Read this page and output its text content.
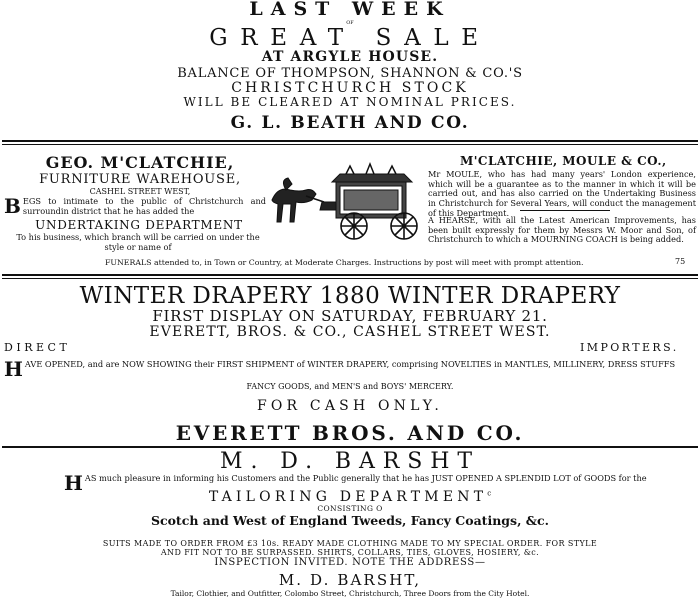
LAST WEEK
OF
GREAT SALE
AT ARGYLE HOUSE.
BALANCE OF THOMPSON, SHANNON & CO.'S
CHRISTCHURCH STOCK
WILL BE CLEARED AT NOMINAL PRICES.
G. L. BEATH AND CO.
GEO. M'CLATCHIE,
FURNITURE WAREHOUSE,
CASHEL STREET WEST,
BEGS to intimate to the public of Christchurch and surroundin district that he has added the
UNDERTAKING DEPARTMENT
To his business, which branch will be carried on under the style or name of
M'CLATCHIE, MOULE & CO.,
Mr MOULE, who has had many years' London experience, which will be a guarantee as to the manner in which it will be carried out, and has also carried on the Undertaking Business in Christchurch for Several Years, will conduct the management of this Department.
A HEARSE, with all the Latest American Improvements, has been built expressly for them by Messrs W. Moor and Son, of Christchurch to which a MOURNING COACH is being added.
FUNERALS attended to, in Town or Country, at Moderate Charges. Instructions by post will meet with prompt attention.	75
WINTER DRAPERY 1880 WINTER DRAPERY
FIRST DISPLAY ON SATURDAY, FEBRUARY 21.
EVERETT, BROS. & CO., CASHEL STREET WEST.
DIRECT	IMPORTERS.
HAVE OPENED, and are NOW SHOWING their FIRST SHIPMENT of WINTER DRAPERY, comprising NOVELTIES in MANTLES, MILLINERY, DRESS STUFFS
FANCY GOODS, and MEN'S and BOYS' MERCERY.
FOR CASH ONLY.
EVERETT BROS. AND CO.
M. D. BARSHT
HAS much pleasure in informing his Customers and the Public generally that he has JUST OPENED A SPLENDID LOT of GOODS for the
TAILORING DEPARTMENT$^c$
CONSISTING O
Scotch and West of England Tweeds, Fancy Coatings, &c.
SUITS MADE TO ORDER FROM £3 10s. READY MADE CLOTHING MADE TO MY SPECIAL ORDER. FOR STYLE
AND FIT NOT TO BE SURPASSED. SHIRTS, COLLARS, TIES, GLOVES, HOSIERY, &c.
INSPECTION INVITED. NOTE THE ADDRESS—
M. D. BARSHT,
Tailor, Clothier, and Outfitter, Colombo Street, Christchurch, Three Doors from the City Hotel.
